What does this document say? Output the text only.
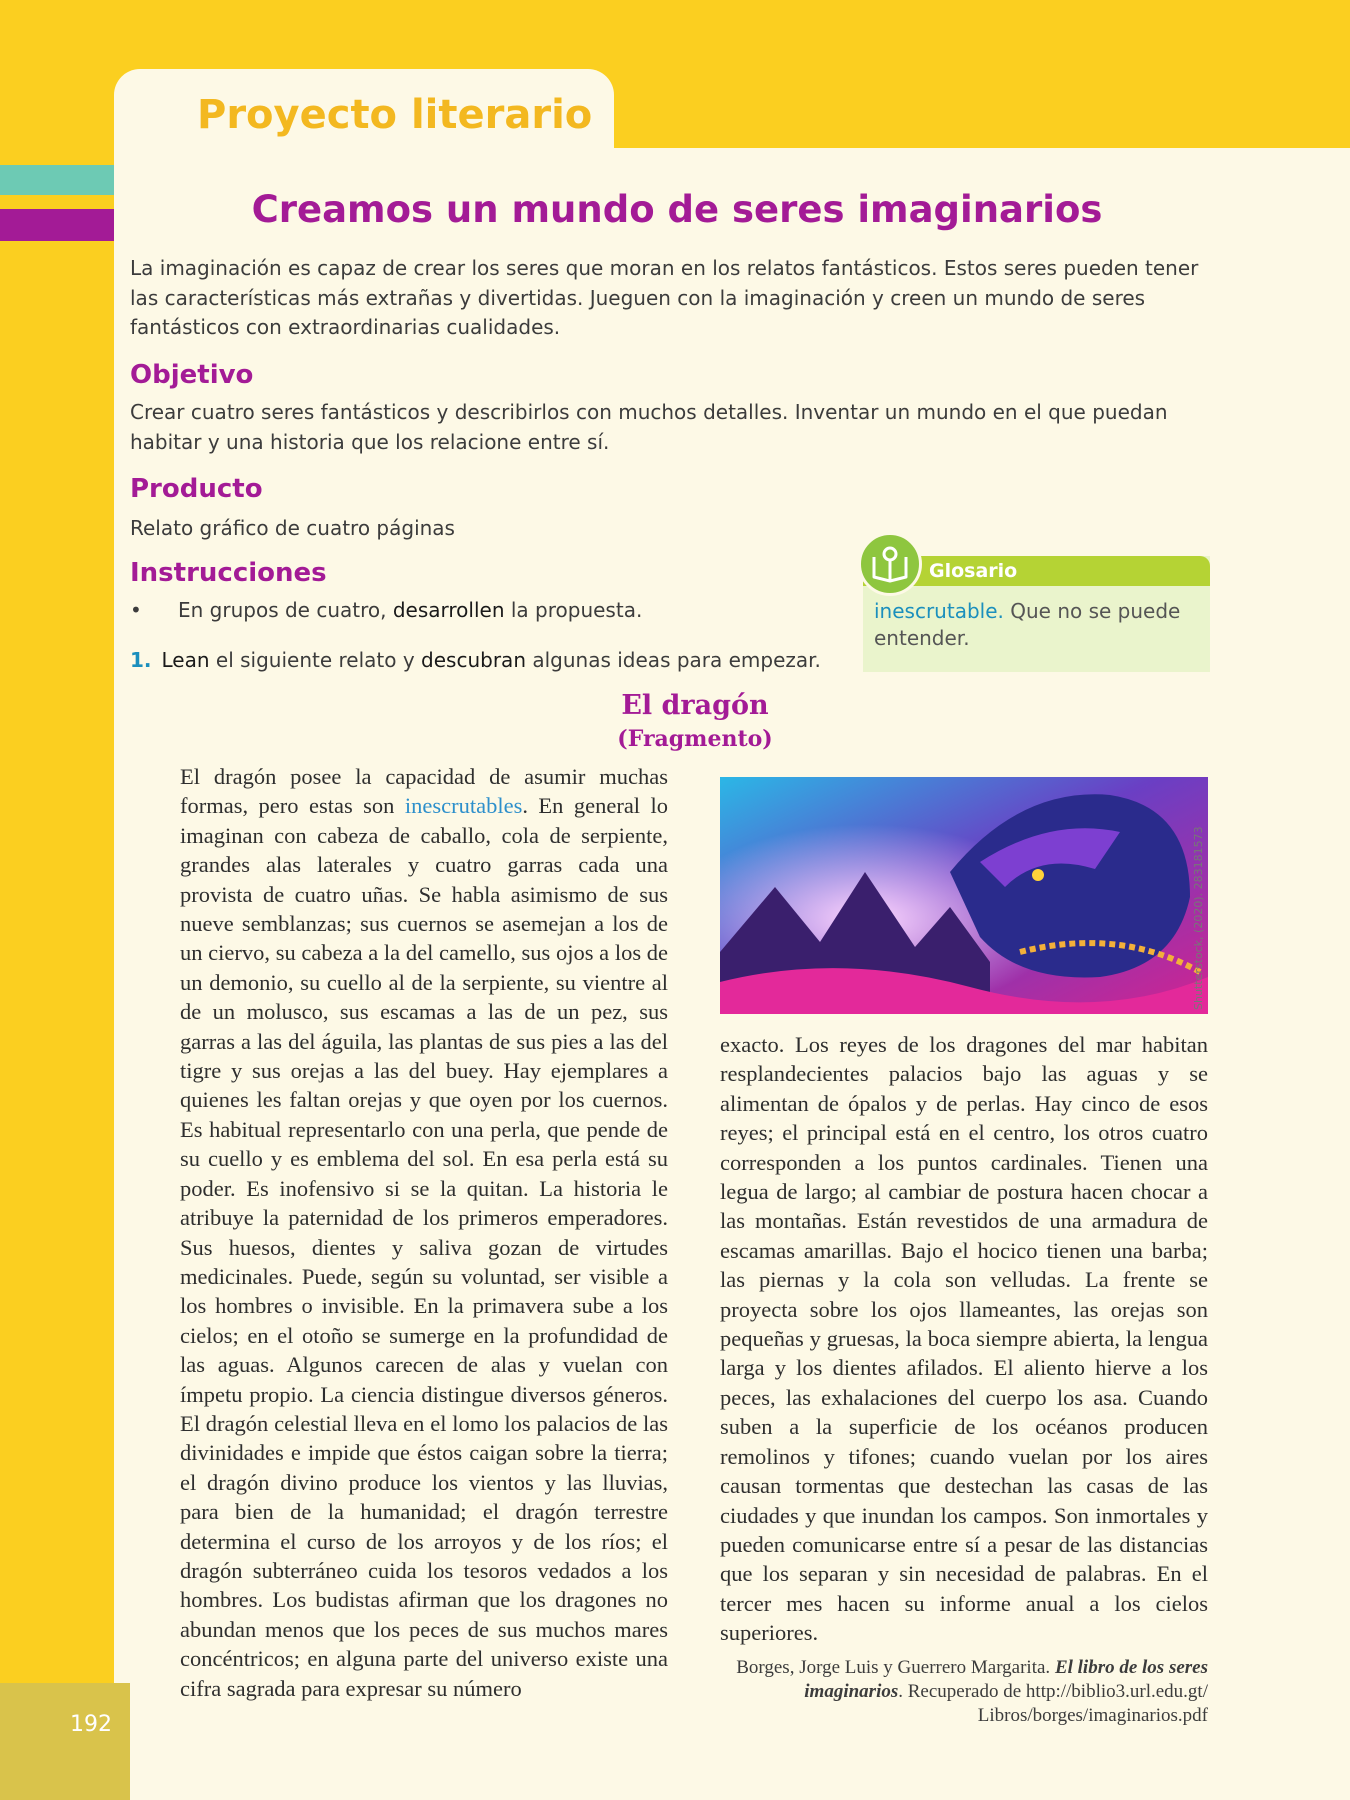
Proyecto literario
Creamos un mundo de seres imaginarios

La imaginación es capaz de crear los seres que moran en los relatos fantásticos. Estos seres pueden tener las características más extrañas y divertidas. Jueguen con la imaginación y creen un mundo de seres fantásticos con extraordinarias cualidades.

Objetivo

Crear cuatro seres fantásticos y describirlos con muchos detalles. Inventar un mundo en el que puedan habitar y una historia que los relacione entre sí.

Producto

Relato gráfico de cuatro páginas

Instrucciones
• En grupos de cuatro, desarrollen la propuesta.
1. Lean el siguiente relato y descubran algunas ideas para empezar.
Glosario
inescrutable. Que no se puede entender.
El dragón
(Fragmento)

El dragón posee la capacidad de asumir muchas formas, pero estas son inescrutables. En general lo imaginan con cabeza de caballo, cola de serpiente, grandes alas laterales y cuatro garras cada una provista de cuatro uñas. Se habla asimismo de sus nueve semblanzas; sus cuernos se asemejan a los de un ciervo, su cabeza a la del camello, sus ojos a los de un demonio, su cuello al de la serpiente, su vientre al de un molusco, sus escamas a las de un pez, sus garras a las del águila, las plantas de sus pies a las del tigre y sus orejas a las del buey. Hay ejemplares a quienes les faltan orejas y que oyen por los cuernos. Es habitual representarlo con una perla, que pende de su cuello y es emblema del sol. En esa perla está su poder. Es inofensivo si se la quitan. La historia le atribuye la paternidad de los primeros emperadores. Sus huesos, dientes y saliva gozan de virtudes medicinales. Puede, según su voluntad, ser visible a los hombres o invisible. En la primavera sube a los cielos; en el otoño se sumerge en la profundidad de las aguas. Algunos carecen de alas y vuelan con ímpetu propio. La ciencia distingue diversos géneros. El dragón celestial lleva en el lomo los palacios de las divinidades e impide que éstos caigan sobre la tierra; el dragón divino produce los vientos y las lluvias, para bien de la humanidad; el dragón terrestre determina el curso de los arroyos y de los ríos; el dragón subterráneo cuida los tesoros vedados a los hombres. Los budistas afirman que los dragones no abundan menos que los peces de sus muchos mares concéntricos; en alguna parte del universo existe una cifra sagrada para expresar su número

Shutterstock, (2020). 283181573

exacto. Los reyes de los dragones del mar habitan resplandecientes palacios bajo las aguas y se alimentan de ópalos y de perlas. Hay cinco de esos reyes; el principal está en el centro, los otros cuatro corresponden a los puntos cardinales. Tienen una legua de largo; al cambiar de postura hacen chocar a las montañas. Están revestidos de una armadura de escamas amarillas. Bajo el hocico tienen una barba; las piernas y la cola son velludas. La frente se proyecta sobre los ojos llameantes, las orejas son pequeñas y gruesas, la boca siempre abierta, la lengua larga y los dientes afilados. El aliento hierve a los peces, las exhalaciones del cuerpo los asa. Cuando suben a la superficie de los océanos producen remolinos y tifones; cuando vuelan por los aires causan tormentas que destechan las casas de las ciudades y que inundan los campos. Son inmortales y pueden comunicarse entre sí a pesar de las distancias que los separan y sin necesidad de palabras. En el tercer mes hacen su informe anual a los cielos superiores.

Borges, Jorge Luis y Guerrero Margarita. El libro de los seres imaginarios. Recuperado de http://biblio3.url.edu.gt/ Libros/borges/imaginarios.pdf
192
